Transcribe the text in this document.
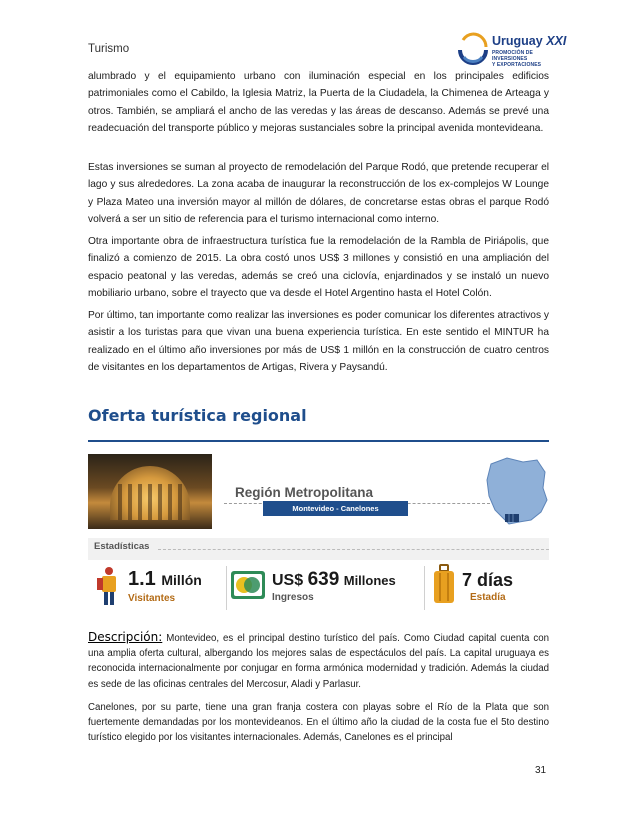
Turismo
Uruguay XXI
PROMOCIÓN DE INVERSIONES
Y EXPORTACIONES

alumbrado y el equipamiento urbano con iluminación especial en los principales edificios patrimoniales como el Cabildo, la Iglesia Matriz, la Puerta de la Ciudadela, la Chimenea de Arteaga y otros. También, se ampliará el ancho de las veredas y las áreas de descanso. Además se prevé una readecuación del transporte público y mejoras sustanciales sobre la principal avenida montevideana.

Estas inversiones se suman al proyecto de remodelación del Parque Rodó, que pretende recuperar el lago y sus alrededores. La zona acaba de inaugurar la reconstrucción de los ex-complejos W Lounge y Plaza Mateo una inversión mayor al millón de dólares, de concretarse estas obras el parque Rodó volverá a ser un sitio de referencia para el turismo internacional como interno.

Otra importante obra de infraestructura turística fue la remodelación de la Rambla de Piriápolis, que finalizó a comienzo de 2015. La obra costó unos US$ 3 millones y consistió en una ampliación del espacio peatonal y las veredas, además se creó una ciclovía, enjardinados y se instaló un nuevo mobiliario urbano, sobre el trayecto que va desde el Hotel Argentino hasta el Hotel Colón.

Por último, tan importante como realizar las inversiones es poder comunicar los diferentes atractivos y asistir a los turistas para que vivan una buena experiencia turística. En este sentido el MINTUR ha realizado en el último año inversiones por más de US$ 1 millón en la construcción de cuatro centros de visitantes en los departamentos de Artigas, Rivera y Paysandú.

Oferta turística regional
Región Metropolitana
Montevideo - Canelones
Estadísticas
1.1 Millón
Visitantes
US$ 639 Millones
Ingresos
7 días
Estadía

Descripción: Montevideo, es el principal destino turístico del país. Como Ciudad capital cuenta con una amplia oferta cultural, albergando los mejores salas de espectáculos del país. La capital uruguaya es reconocida internacionalmente por conjugar en forma armónica modernidad y tradición. Además la ciudad es sede de las oficinas centrales del Mercosur, Aladi y Parlasur.

Canelones, por su parte, tiene una gran franja costera con playas sobre el Río de la Plata que son fuertemente demandadas por los montevideanos. En el último año la ciudad de la costa fue el 5to destino turístico elegido por los visitantes internacionales. Además, Canelones es el principal

31
